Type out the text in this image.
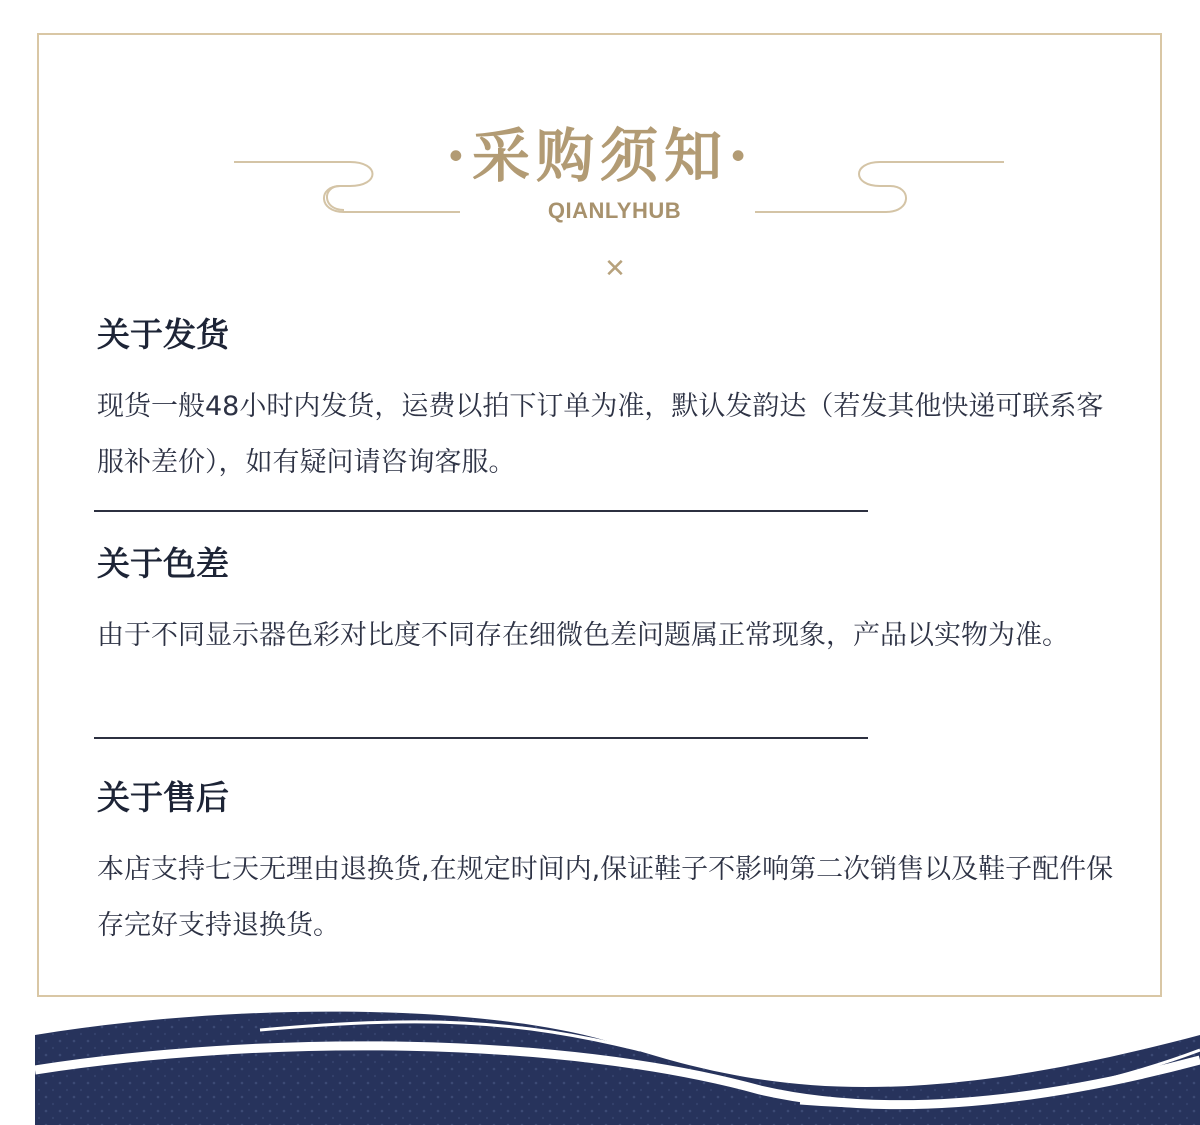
·采购须知·
QIANLYHUB
✕
关于发货

现货一般48小时内发货，运费以拍下订单为准，默认发韵达（若发其他快递可联系客服补差价），如有疑问请咨询客服。

关于色差

由于不同显示器色彩对比度不同存在细微色差问题属正常现象，产品以实物为准。

关于售后

本店支持七天无理由退换货,在规定时间内,保证鞋子不影响第二次销售以及鞋子配件保存完好支持退换货。
